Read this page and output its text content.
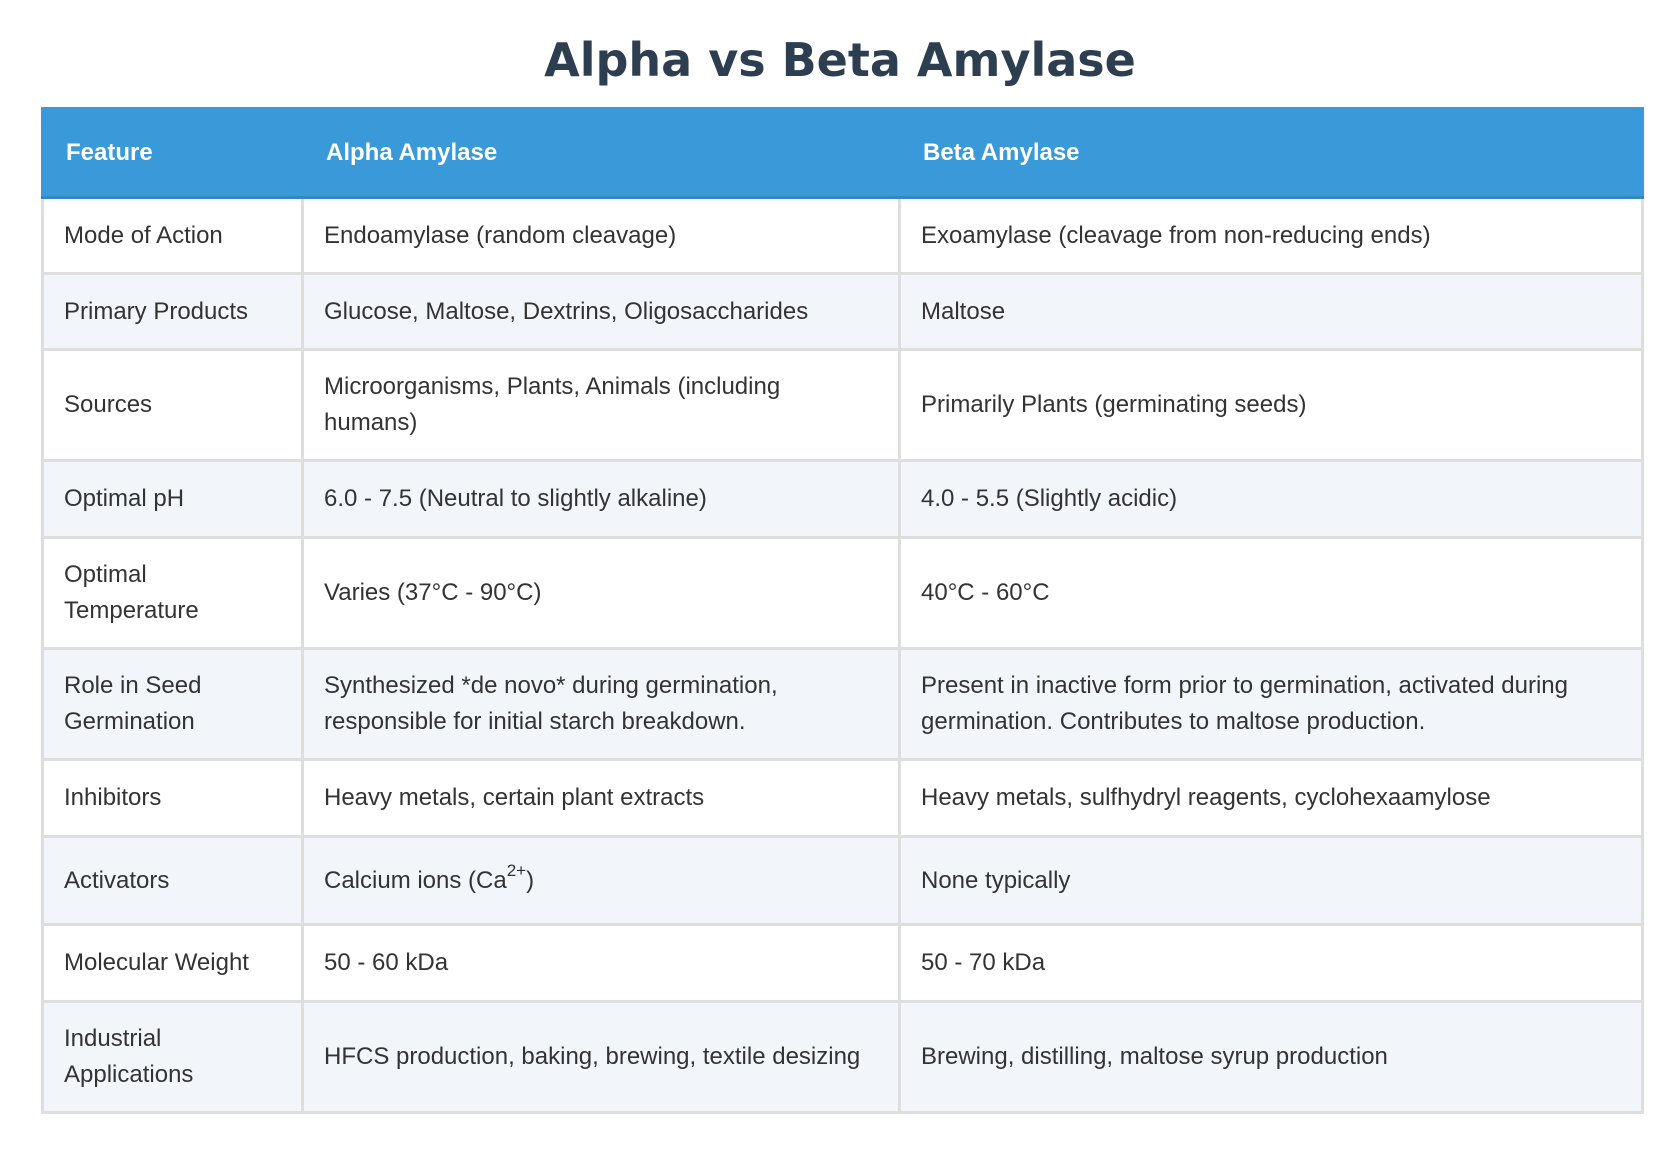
Alpha vs Beta Amylase
Feature	Alpha Amylase	Beta Amylase
Mode of Action	Endoamylase (random cleavage)	Exoamylase (cleavage from non-reducing ends)
Primary Products	Glucose, Maltose, Dextrins, Oligosaccharides	Maltose
Sources	Microorganisms, Plants, Animals (including humans)	Primarily Plants (germinating seeds)
Optimal pH	6.0 - 7.5 (Neutral to slightly alkaline)	4.0 - 5.5 (Slightly acidic)
Optimal Temperature	Varies (37°C - 90°C)	40°C - 60°C
Role in Seed Germination	Synthesized *de novo* during germination, responsible for initial starch breakdown.	Present in inactive form prior to germination, activated during germination. Contributes to maltose production.
Inhibitors	Heavy metals, certain plant extracts	Heavy metals, sulfhydryl reagents, cyclohexaamylose
Activators	Calcium ions $(Ca^{2+})$	None typically
Molecular Weight	50 - 60 kDa	50 - 70 kDa
Industrial Applications	HFCS production, baking, brewing, textile desizing	Brewing, distilling, maltose syrup production
